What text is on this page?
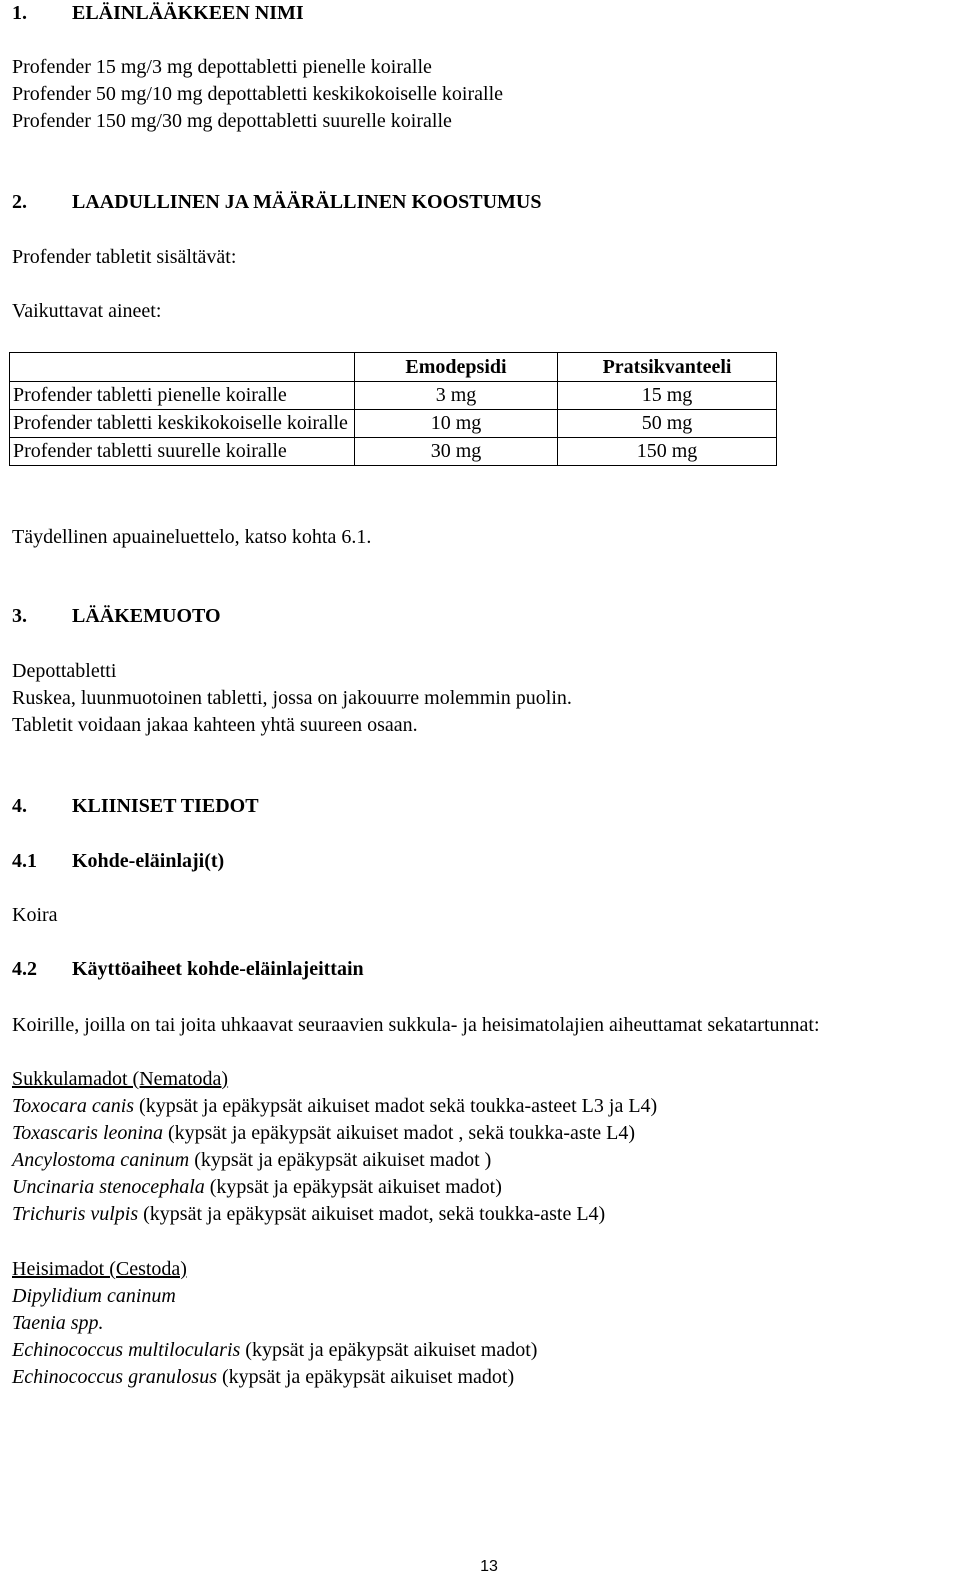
1. ELÄINLÄÄKKEEN NIMI
Profender 15 mg/3 mg depottabletti pienelle koiralle
Profender 50 mg/10 mg depottabletti keskikokoiselle koiralle
Profender 150 mg/30 mg depottabletti suurelle koiralle
2. LAADULLINEN JA MÄÄRÄLLINEN KOOSTUMUS
Profender tabletit sisältävät:
Vaikuttavat aineet:
	Emodepsidi	Pratsikvanteeli
Profender tabletti pienelle koiralle	3 mg	15 mg
Profender tabletti keskikokoiselle koiralle	10 mg	50 mg
Profender tabletti suurelle koiralle	30 mg	150 mg
Täydellinen apuaineluettelo, katso kohta 6.1.
3. LÄÄKEMUOTO
Depottabletti
Ruskea, luunmuotoinen tabletti, jossa on jakouurre molemmin puolin.
Tabletit voidaan jakaa kahteen yhtä suureen osaan.
4. KLIINISET TIEDOT
4.1 Kohde-eläinlaji(t)
Koira
4.2 Käyttöaiheet kohde-eläinlajeittain
Koirille, joilla on tai joita uhkaavat seuraavien sukkula- ja heisimatolajien aiheuttamat sekatartunnat:
Sukkulamadot (Nematoda)
Toxocara canis (kypsät ja epäkypsät aikuiset madot sekä toukka-asteet L3 ja L4)
Toxascaris leonina (kypsät ja epäkypsät aikuiset madot , sekä toukka-aste L4)
Ancylostoma caninum (kypsät ja epäkypsät aikuiset madot )
Uncinaria stenocephala (kypsät ja epäkypsät aikuiset madot)
Trichuris vulpis (kypsät ja epäkypsät aikuiset madot, sekä toukka-aste L4)
Heisimadot (Cestoda)
Dipylidium caninum
Taenia spp.
Echinococcus multilocularis (kypsät ja epäkypsät aikuiset madot)
Echinococcus granulosus (kypsät ja epäkypsät aikuiset madot)
13
